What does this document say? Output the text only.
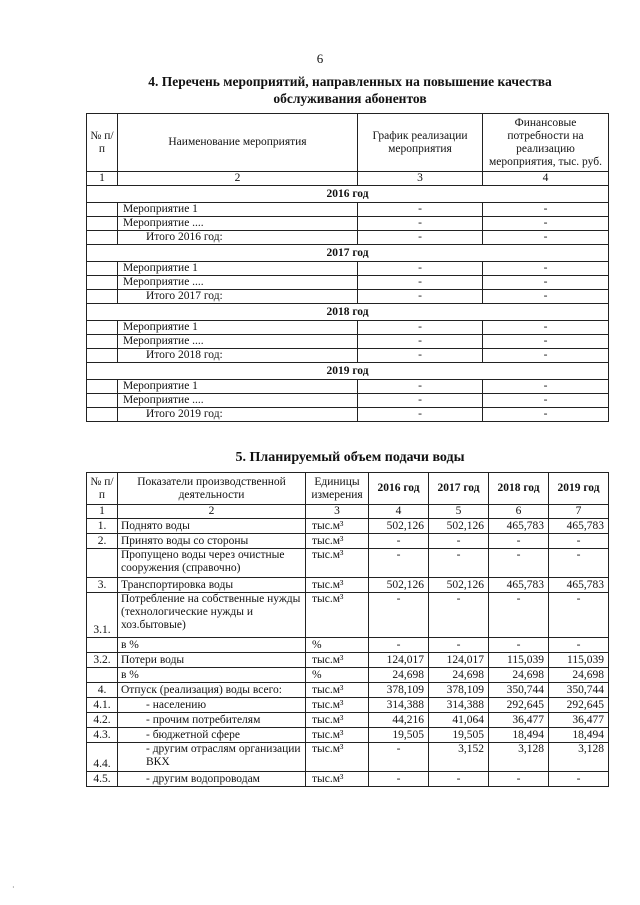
6
4. Перечень мероприятий, направленных на повышение качества
обслуживания абонентов
№ п/п	Наименование мероприятия	График реализации мероприятия	Финансовые потребности на реализацию мероприятия, тыс. руб.
1	2	3	4
2016 год			
	Мероприятие 1	-	-
	Мероприятие ....	-	-
	Итого 2016 год:	-	-
2017 год			
	Мероприятие 1	-	-
	Мероприятие ....	-	-
	Итого 2017 год:	-	-
2018 год			
	Мероприятие 1	-	-
	Мероприятие ....	-	-
	Итого 2018 год:	-	-
2019 год			
	Мероприятие 1	-	-
	Мероприятие ....	-	-
	Итого 2019 год:	-	-
5. Планируемый объем подачи воды
№ п/п	Показатели производственной деятельности	Единицы измерения	2016 год	2017 год	2018 год	2019 год
1	2	3	4	5	6	7
1.	Поднято воды	тыс.м³	502,126	502,126	465,783	465,783
2.	Принято воды со стороны	тыс.м³	-	-	-	-
	Пропущено воды через очистные сооружения (справочно)	тыс.м³	-	-	-	-
3.	Транспортировка воды	тыс.м³	502,126	502,126	465,783	465,783
3.1.	Потребление на собственные нужды (технологические нужды и хоз.бытовые)	тыс.м³	-	-	-	-
	в %	%	-	-	-	-
3.2.	Потери воды	тыс.м³	124,017	124,017	115,039	115,039
	в %	%	24,698	24,698	24,698	24,698
4.	Отпуск (реализация) воды всего:	тыс.м³	378,109	378,109	350,744	350,744
4.1.	- населению	тыс.м³	314,388	314,388	292,645	292,645
4.2.	- прочим потребителям	тыс.м³	44,216	41,064	36,477	36,477
4.3.	- бюджетной сфере	тыс.м³	19,505	19,505	18,494	18,494
4.4.	- другим отраслям организации ВКХ	тыс.м³	-	3,152	3,128	3,128
4.5.	- другим водопроводам	тыс.м³	-	-	-	-
·
